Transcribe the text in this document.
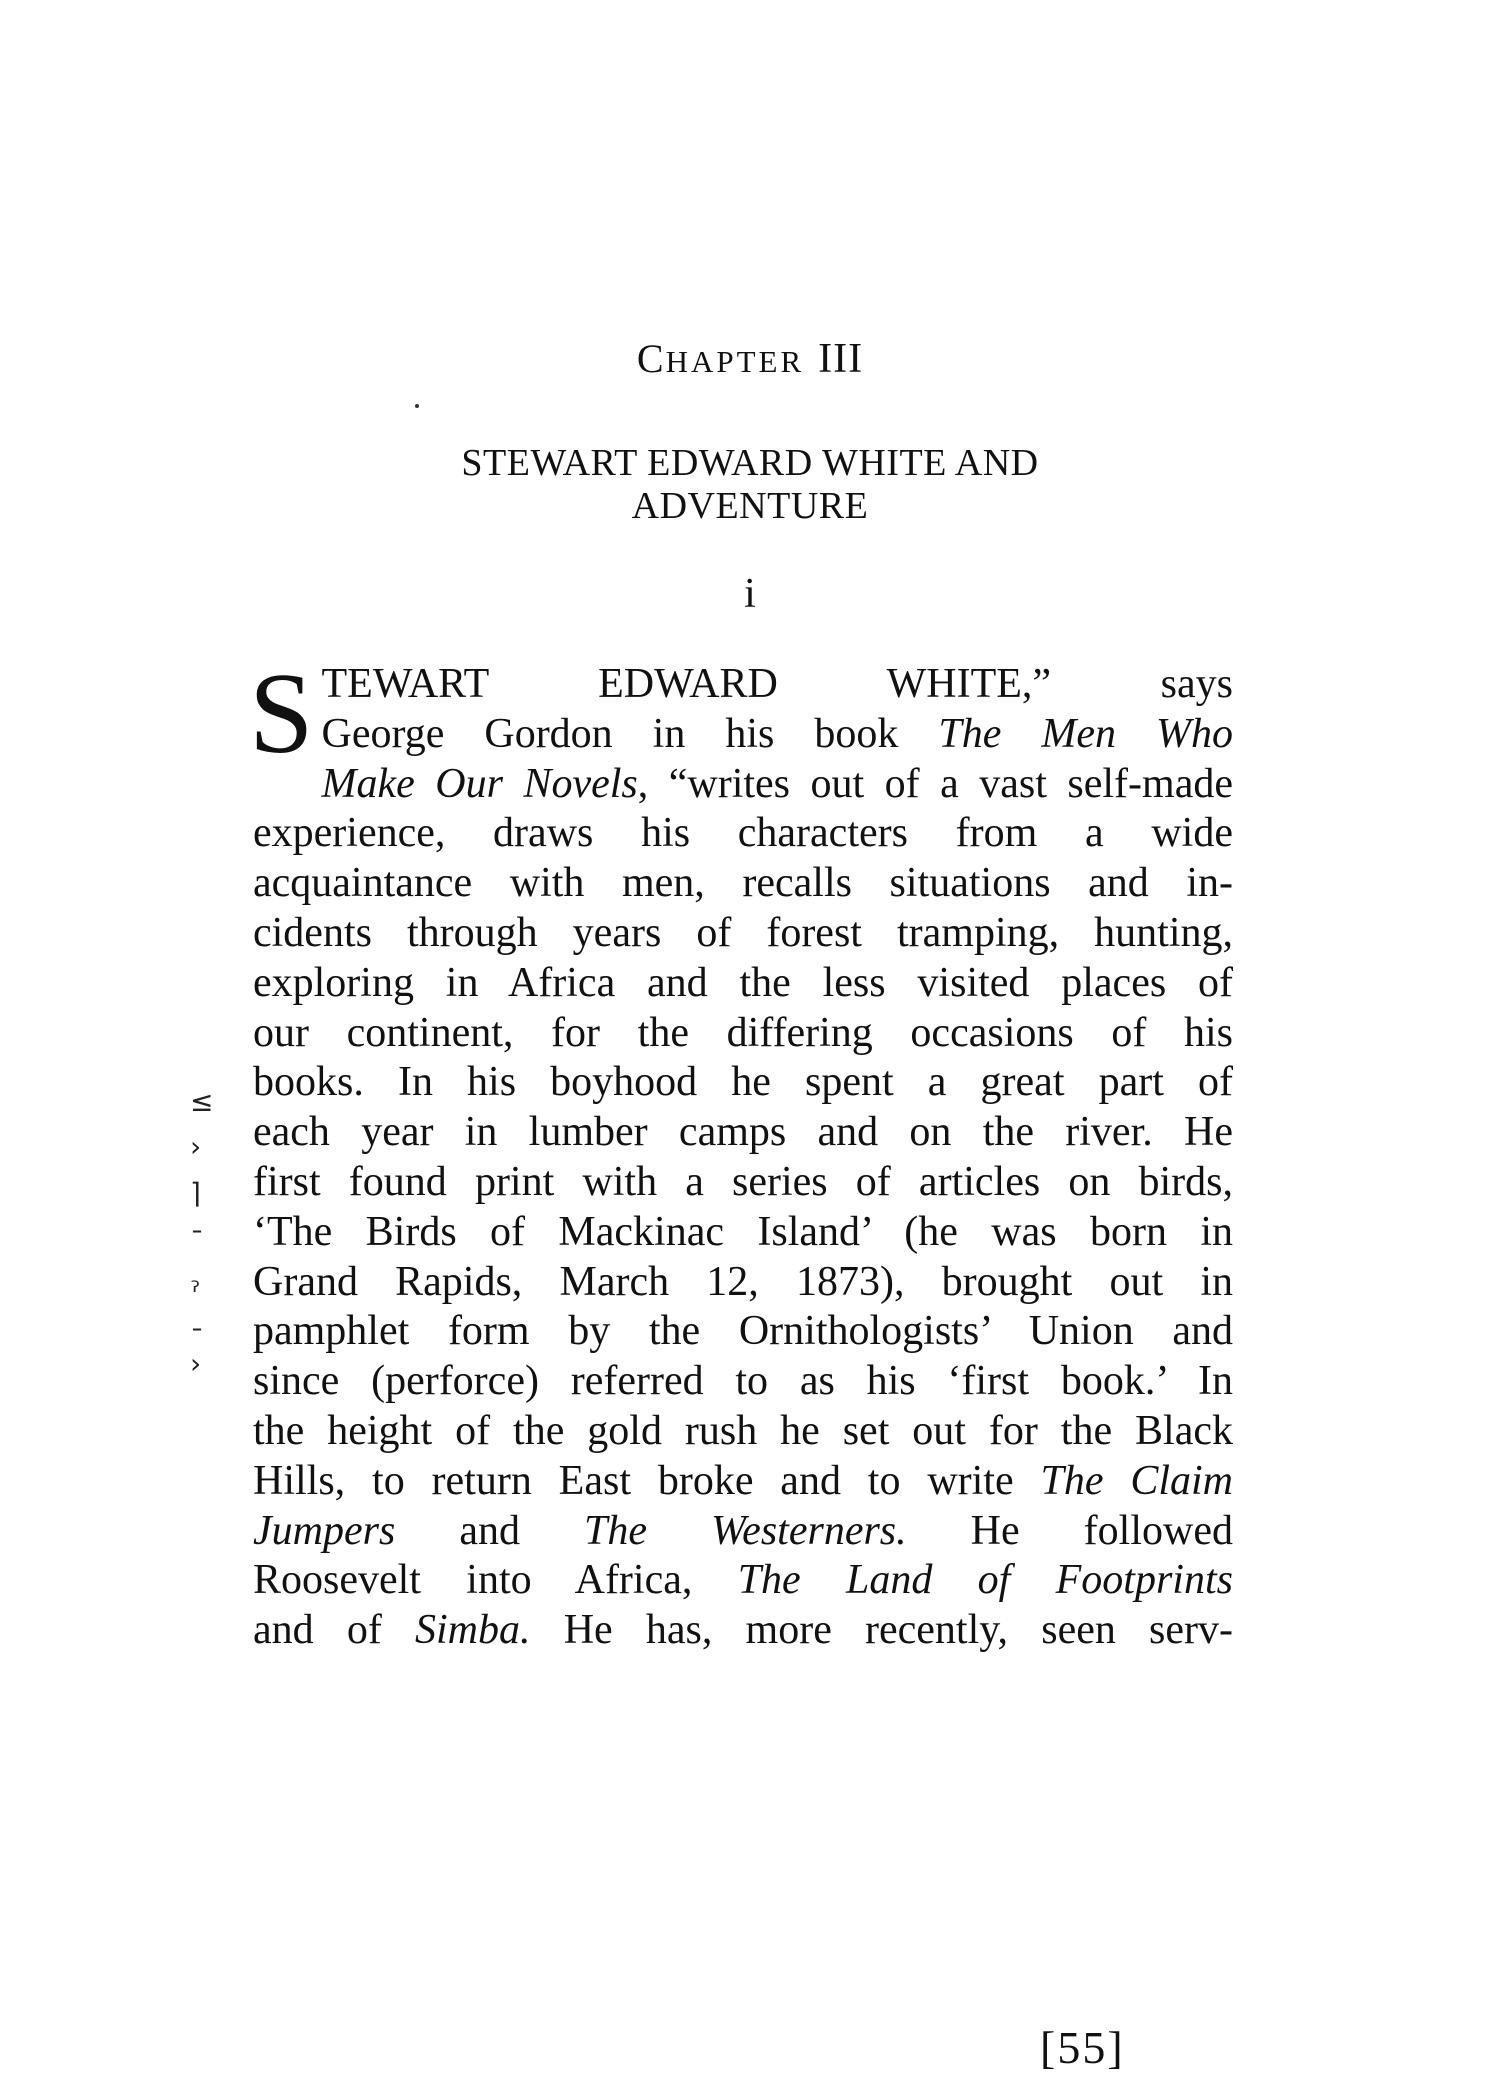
CHAPTER III
STEWART EDWARD WHITE AND
ADVENTURE
i
≤
›
⌉
ˉ
ˀ
ˉ
›
S TEWART EDWARD WHITE,” says
George Gordon in his book The Men Who
Make Our Novels, “writes out of a vast self-made
experience, draws his characters from a wide
acquaintance with men, recalls situations and in-
cidents through years of forest tramping, hunting,
exploring in Africa and the less visited places of
our continent, for the differing occasions of his
books. In his boyhood he spent a great part of
each year in lumber camps and on the river. He
first found print with a series of articles on birds,
‘The Birds of Mackinac Island’ (he was born in
Grand Rapids, March 12, 1873), brought out in
pamphlet form by the Ornithologists’ Union and
since (perforce) referred to as his ‘first book.’ In
the height of the gold rush he set out for the Black
Hills, to return East broke and to write The Claim
Jumpers and The Westerners. He followed
Roosevelt into Africa, The Land of Footprints
and of Simba. He has, more recently, seen serv-
[55]
